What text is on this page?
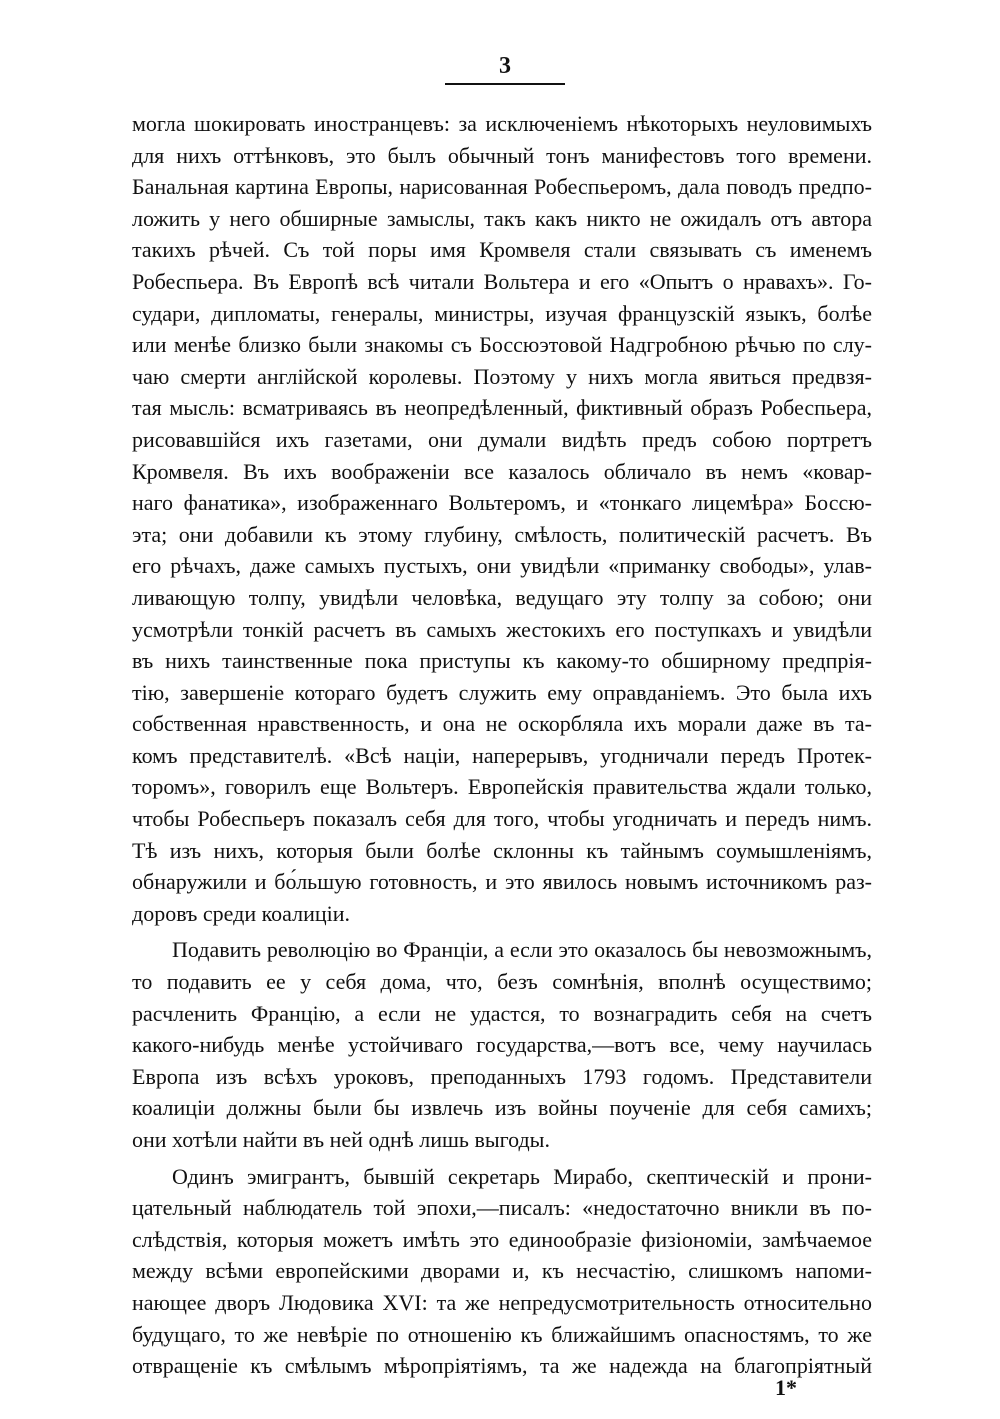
3

могла шокировать иностранцевъ: за исключеніемъ нѣкоторыхъ неуловимыхъ
для нихъ оттѣнковъ, это былъ обычный тонъ манифестовъ того времени.
Банальная картина Европы, нарисованная Робеспьеромъ, дала поводъ предпо-
ложить у него обширные замыслы, такъ какъ никто не ожидалъ отъ автора
такихъ рѣчей. Съ той поры имя Кромвеля стали связывать съ именемъ
Робеспьера. Въ Европѣ всѣ читали Вольтера и его «Опытъ о нравахъ». Го-
судари, дипломаты, генералы, министры, изучая французскій языкъ, болѣе
или менѣе близко были знакомы съ Боссюэтовой Надгробною рѣчью по слу-
чаю смерти англійской королевы. Поэтому у нихъ могла явиться предвзя-
тая мысль: всматриваясь въ неопредѣленный, фиктивный образъ Робеспьера,
рисовавшійся ихъ газетами, они думали видѣть предъ собою портретъ
Кромвеля. Въ ихъ воображеніи все казалось обличало въ немъ «ковар-
наго фанатика», изображеннаго Вольтеромъ, и «тонкаго лицемѣра» Боссю-
эта; они добавили къ этому глубину, смѣлость, политическій расчетъ. Въ
его рѣчахъ, даже самыхъ пустыхъ, они увидѣли «приманку свободы», улав-
ливающую толпу, увидѣли человѣка, ведущаго эту толпу за собою; они
усмотрѣли тонкій расчетъ въ самыхъ жестокихъ его поступкахъ и увидѣли
въ нихъ таинственные пока приступы къ какому-то обширному предпрія-
тію, завершеніе котораго будетъ служить ему оправданіемъ. Это была ихъ
собственная нравственность, и она не оскорбляла ихъ морали даже въ та-
комъ представителѣ. «Всѣ націи, наперерывъ, угодничали передъ Протек-
торомъ», говорилъ еще Вольтеръ. Европейскія правительства ждали только,
чтобы Робеспьеръ показалъ себя для того, чтобы угодничать и передъ нимъ.
Тѣ изъ нихъ, которыя были болѣе склонны къ тайнымъ соумышленіямъ,
обнаружили и бо́льшую готовность, и это явилось новымъ источникомъ раз-
доровъ среди коалиціи.

Подавить революцію во Франціи, а если это оказалось бы невозможнымъ,
то подавить ее у себя дома, что, безъ сомнѣнія, вполнѣ осуществимо;
расчленить Францію, а если не удастся, то вознаградить себя на счетъ
какого-нибудь менѣе устойчиваго государства,—вотъ все, чему научилась
Европа изъ всѣхъ уроковъ, преподанныхъ 1793 годомъ. Представители
коалиціи должны были бы извлечь изъ войны поученіе для себя самихъ;
они хотѣли найти въ ней однѣ лишь выгоды.

Одинъ эмигрантъ, бывшій секретарь Мирабо, скептическій и прони-
цательный наблюдатель той эпохи,—писалъ: «недостаточно вникли въ по-
слѣдствія, которыя можетъ имѣть это единообразіе физіономіи, замѣчаемое
между всѣми европейскими дворами и, къ несчастію, слишкомъ напоми-
нающее дворъ Людовика XVI: та же непредусмотрительность относительно
будущаго, то же невѣріе по отношенію къ ближайшимъ опасностямъ, то же
отвращеніе къ смѣлымъ мѣропріятіямъ, та же надежда на благопріятный

1*
